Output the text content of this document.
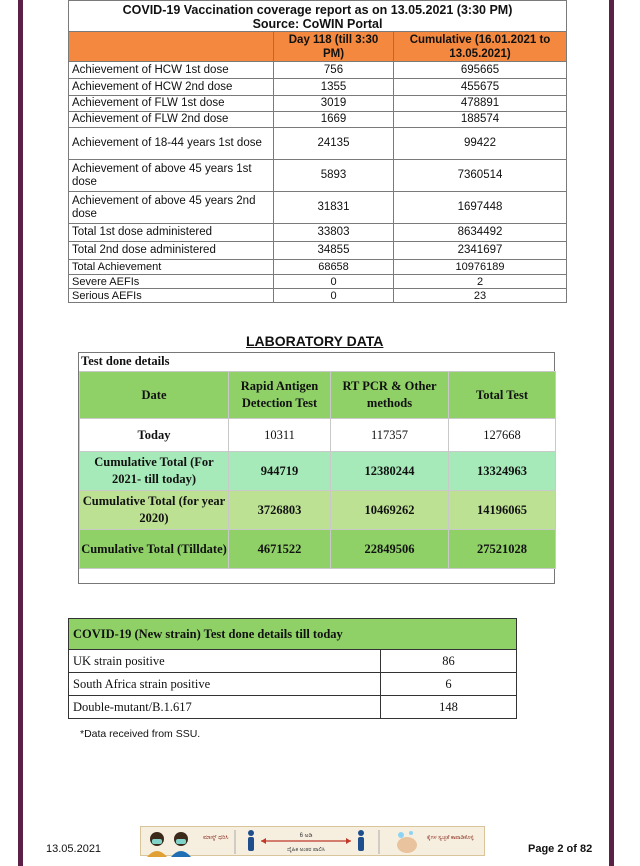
COVID-19 Vaccination coverage report as on 13.05.2021 (3:30 PM)
Source: CoWIN Portal		

	Day 118 (till 3:30 PM)	Cumulative (16.01.2021 to 13.05.2021)
Achievement of HCW 1st dose	756	695665
Achievement of HCW 2nd dose	1355	455675
Achievement of FLW 1st dose	3019	478891
Achievement of FLW 2nd dose	1669	188574
Achievement of 18-44 years 1st dose	24135	99422
Achievement of above 45 years 1st dose	5893	7360514
Achievement of above 45 years 2nd dose	31831	1697448
Total 1st dose administered	33803	8634492
Total 2nd dose administered	34855	2341697
Total Achievement	68658	10976189
Severe AEFIs	0	2
Serious AEFIs	0	23
LABORATORY DATA
Test done details
Date	Rapid Antigen Detection Test	RT PCR & Other methods	Total Test
Today	10311	117357	127668
Cumulative Total (For 2021- till today)	944719	12380244	13324963
Cumulative Total (for year 2020)	3726803	10469262	14196065
Cumulative Total (Tilldate)	4671522	22849506	27521028
COVID-19 (New strain) Test done details till today	
UK strain positive	86
South Africa strain positive	6
Double-mutant/B.1.617	148
*Data received from SSU.
13.05.2021
ಮಾಸ್ಕ್ ಧರಿಸಿ	6 ಅಡಿ
ದೈಹಿಕ ಅಂತರ ಪಾಲಿಸಿ
ಕೈಗಳ ಸ್ವಚ್ಛತೆ ಕಾಪಾಡಿಕೊಳ್ಳಿ
Page 2 of 82
